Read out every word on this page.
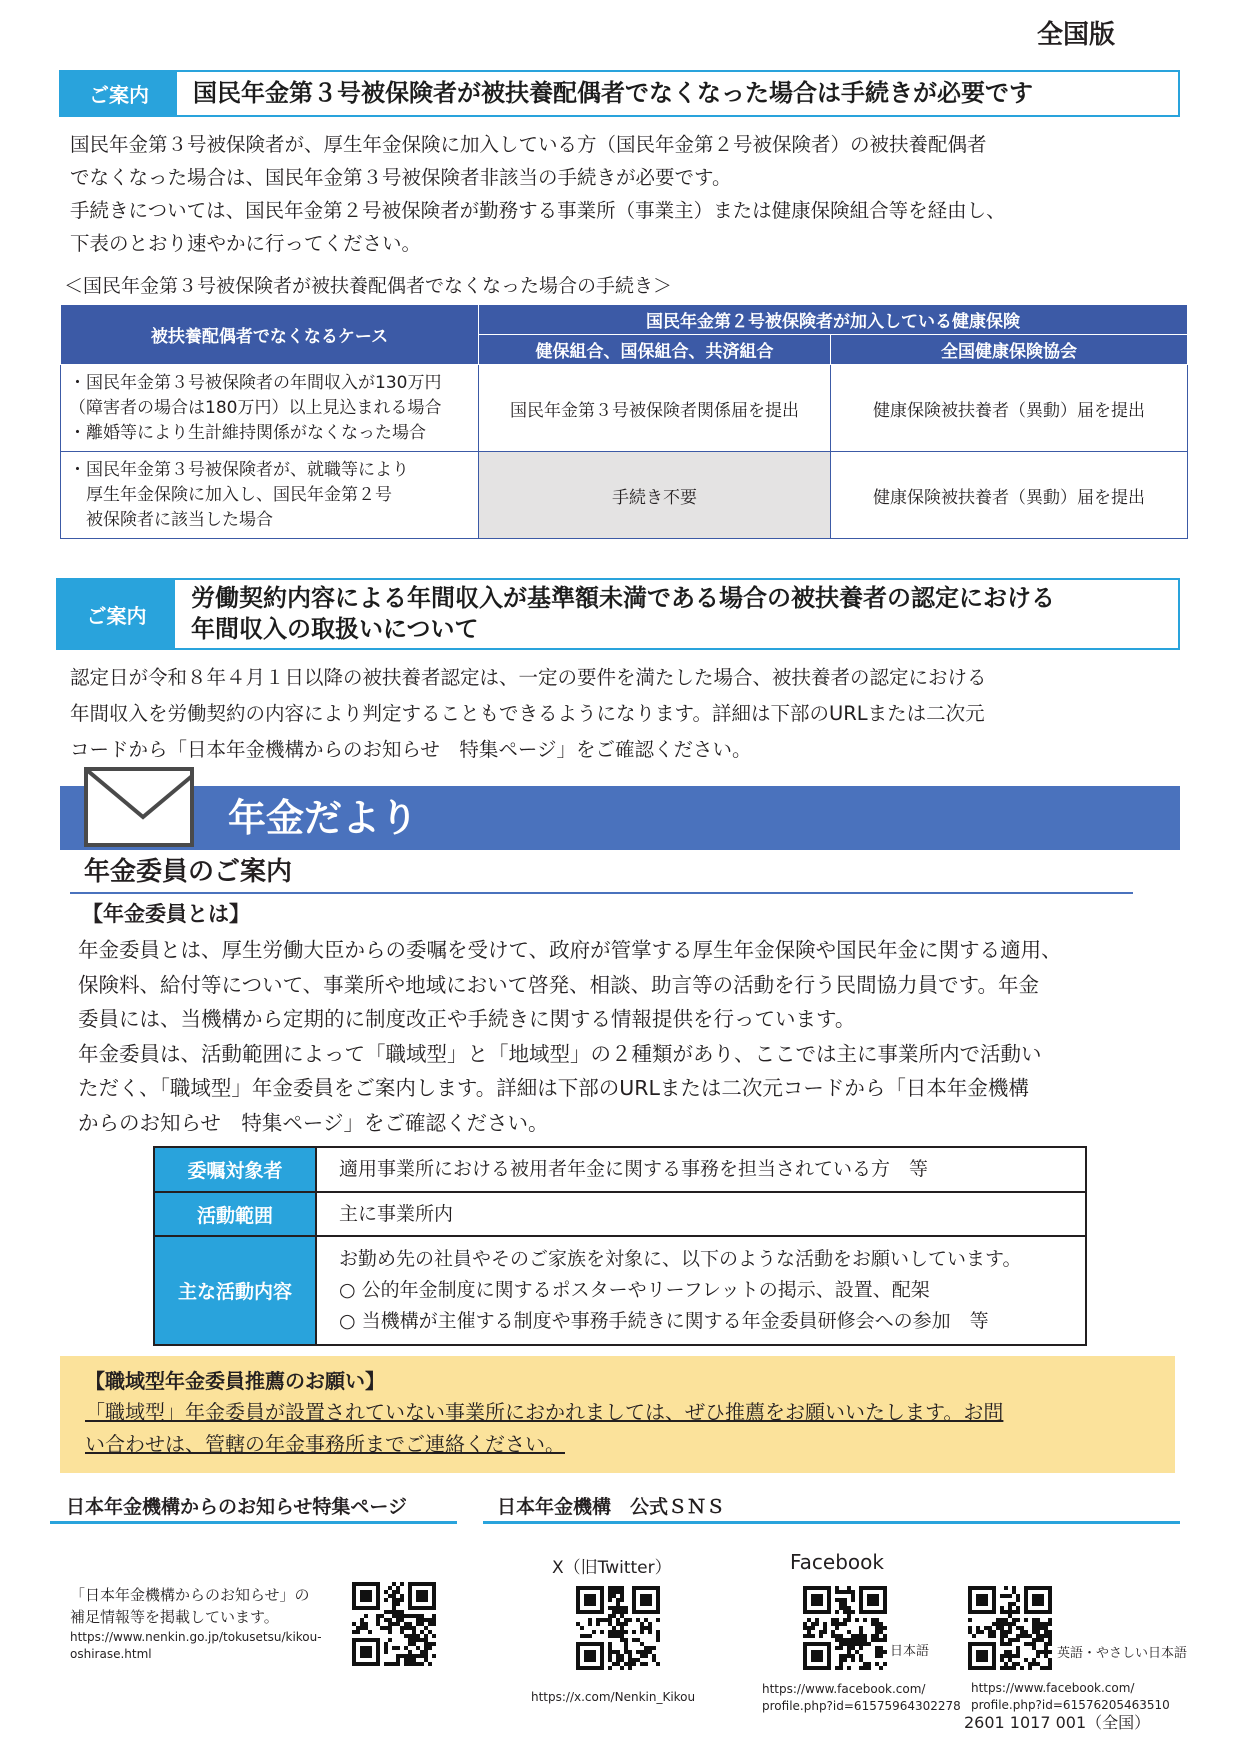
全国版
ご案内	国民年金第３号被保険者が被扶養配偶者でなくなった場合は手続きが必要です

国民年金第３号被保険者が、厚生年金保険に加入している方（国民年金第２号被保険者）の被扶養配偶者

でなくなった場合は、国民年金第３号被保険者非該当の手続きが必要です。

手続きについては、国民年金第２号被保険者が勤務する事業所（事業主）または健康保険組合等を経由し、

下表のとおり速やかに行ってください。

＜国民年金第３号被保険者が被扶養配偶者でなくなった場合の手続き＞
被扶養配偶者でなくなるケース	国民年金第２号被保険者が加入している健康保険	
	健保組合、国保組合、共済組合	全国健康保険協会

・国民年金第３号被保険者の年間収入が130万円
（障害者の場合は180万円）以上見込まれる場合
・離婚等により生計維持関係がなくなった場合	国民年金第３号被保険者関係届を提出	健康保険被扶養者（異動）届を提出

・国民年金第３号被保険者が、就職等により
　厚生年金保険に加入し、国民年金第２号
　被保険者に該当した場合	手続き不要	健康保険被扶養者（異動）届を提出
ご案内
労働契約内容による年間収入が基準額未満である場合の被扶養者の認定における
年間収入の取扱いについて

認定日が令和８年４月１日以降の被扶養者認定は、一定の要件を満たした場合、被扶養者の認定における

年間収入を労働契約の内容により判定することもできるようになります。詳細は下部のURLまたは二次元

コードから「日本年金機構からのお知らせ　特集ページ」をご確認ください。

年金だより
年金委員のご案内
【年金委員とは】

年金委員とは、厚生労働大臣からの委嘱を受けて、政府が管掌する厚生年金保険や国民年金に関する適用、

保険料、給付等について、事業所や地域において啓発、相談、助言等の活動を行う民間協力員です。年金

委員には、当機構から定期的に制度改正や手続きに関する情報提供を行っています。

年金委員は、活動範囲によって「職域型」と「地域型」の２種類があり、ここでは主に事業所内で活動い

ただく、「職域型」年金委員をご案内します。詳細は下部のURLまたは二次元コードから「日本年金機構

からのお知らせ　特集ページ」をご確認ください。

委嘱対象者	適用事業所における被用者年金に関する事務を担当されている方　等
活動範囲	主に事業所内
主な活動内容	お勤め先の社員やそのご家族を対象に、以下のような活動をお願いしています。
○ 公的年金制度に関するポスターやリーフレットの掲示、設置、配架
○ 当機構が主催する制度や事務手続きに関する年金委員研修会への参加　等
【職域型年金委員推薦のお願い】
「職域型」年金委員が設置されていない事業所におかれましては、ぜひ推薦をお願いいたします。お問
い合わせは、管轄の年金事務所までご連絡ください。
日本年金機構からのお知らせ特集ページ	日本年金機構　公式ＳＮＳ
「日本年金機構からのお知らせ」の
補足情報等を掲載しています。
https://www.nenkin.go.jp/tokusetsu/kikou-
oshirase.html
X（旧Twitter）
https://x.com/Nenkin_Kikou
Facebook
日本語
https://www.facebook.com/
profile.php?id=61575964302278
英語・やさしい日本語
https://www.facebook.com/
profile.php?id=61576205463510
2601 1017 001（全国）
